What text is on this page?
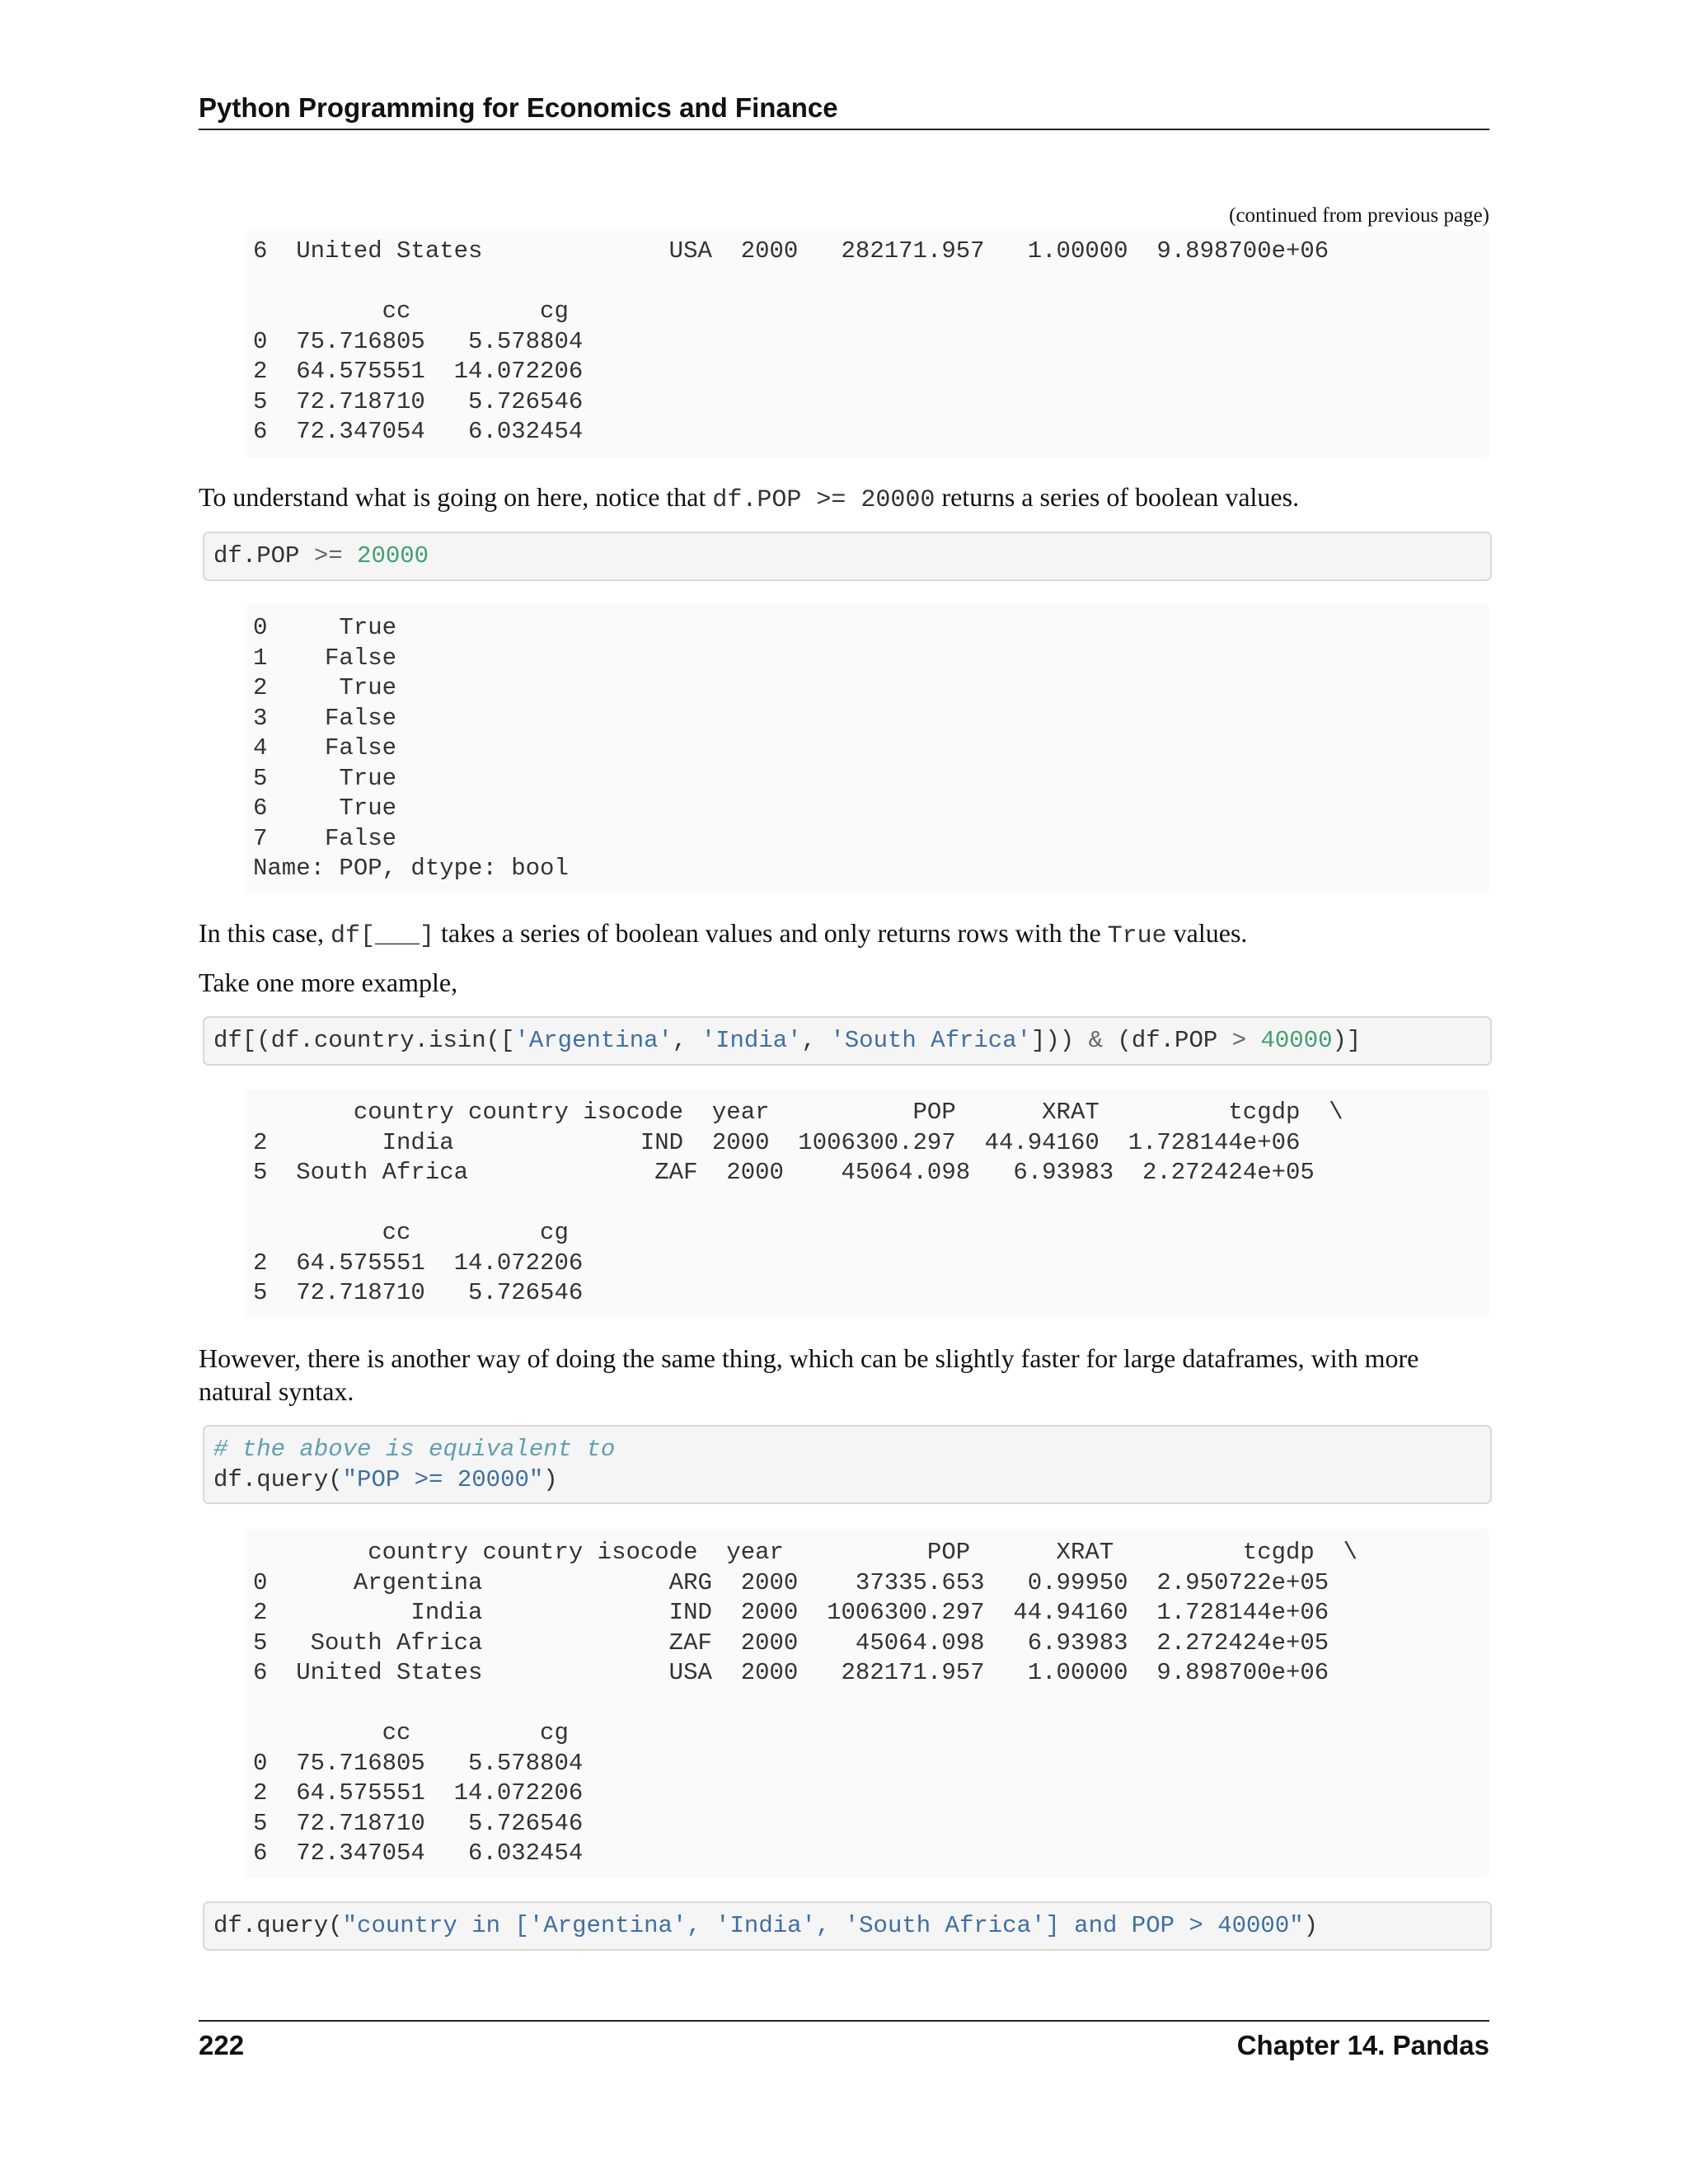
Python Programming for Economics and Finance
(continued from previous page)
6  United States             USA  2000   282171.957   1.00000  9.898700e+06

cc         cg
0  75.716805   5.578804
2  64.575551  14.072206
5  72.718710   5.726546
6  72.347054   6.032454
To understand what is going on here, notice that df.POP >= 20000 returns a series of boolean values.
df.POP >= 20000
0     True
1    False
2     True
3    False
4    False
5     True
6     True
7    False
Name: POP, dtype: bool
In this case, df[___] takes a series of boolean values and only returns rows with the True values.
Take one more example,
df[(df.country.isin(['Argentina', 'India', 'South Africa'])) & (df.POP > 40000)]
country country isocode  year          POP      XRAT         tcgdp  \
2        India             IND  2000  1006300.297  44.94160  1.728144e+06
5  South Africa             ZAF  2000    45064.098   6.93983  2.272424e+05

cc         cg
2  64.575551  14.072206
5  72.718710   5.726546
However, there is another way of doing the same thing, which can be slightly faster for large dataframes, with more natural syntax.
# the above is equivalent to
df.query("POP >= 20000")
country country isocode  year          POP      XRAT         tcgdp  \
0      Argentina             ARG  2000    37335.653   0.99950  2.950722e+05
2          India             IND  2000  1006300.297  44.94160  1.728144e+06
5   South Africa             ZAF  2000    45064.098   6.93983  2.272424e+05
6  United States             USA  2000   282171.957   1.00000  9.898700e+06

cc         cg
0  75.716805   5.578804
2  64.575551  14.072206
5  72.718710   5.726546
6  72.347054   6.032454
df.query("country in ['Argentina', 'India', 'South Africa'] and POP > 40000")
222	Chapter 14. Pandas
